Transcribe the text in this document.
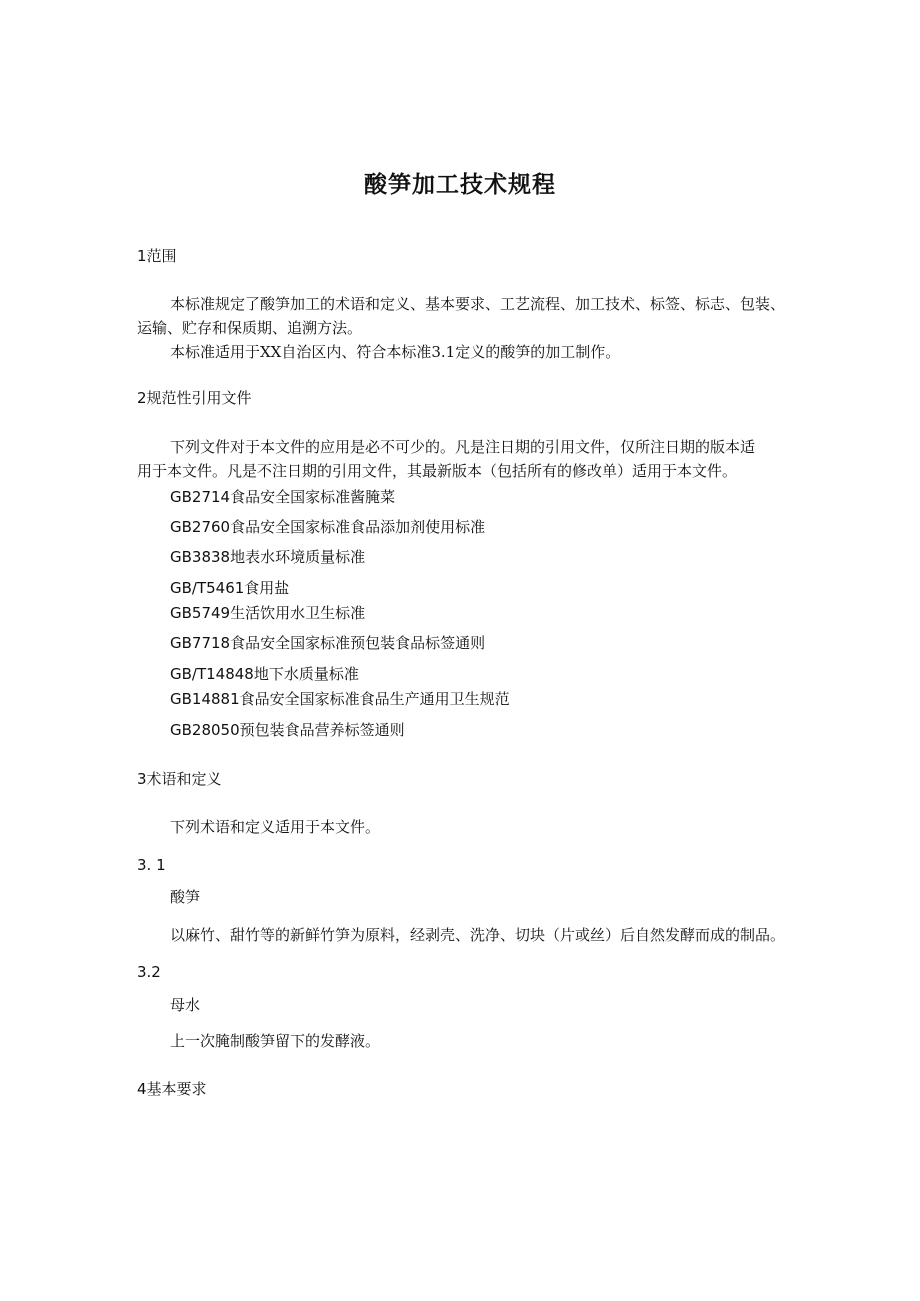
酸笋加工技术规程
1范围
本标准规定了酸笋加工的术语和定义、基本要求、工艺流程、加工技术、标签、标志、包装、
运输、贮存和保质期、追溯方法。
本标准适用于XX自治区内、符合本标准3.1定义的酸笋的加工制作。
2规范性引用文件
下列文件对于本文件的应用是必不可少的。凡是注日期的引用文件，仅所注日期的版本适
用于本文件。凡是不注日期的引用文件，其最新版本（包括所有的修改单）适用于本文件。
GB2714食品安全国家标准酱腌菜
GB2760食品安全国家标准食品添加剂使用标准
GB3838地表水环境质量标准
GB/T5461食用盐
GB5749生活饮用水卫生标准
GB7718食品安全国家标准预包装食品标签通则
GB/T14848地下水质量标准
GB14881食品安全国家标准食品生产通用卫生规范
GB28050预包装食品营养标签通则
3术语和定义
下列术语和定义适用于本文件。
3. 1
酸笋
以麻竹、甜竹等的新鲜竹笋为原料，经剥壳、洗净、切块（片或丝）后自然发酵而成的制品。
3.2
母水
上一次腌制酸笋留下的发酵液。
4基本要求
